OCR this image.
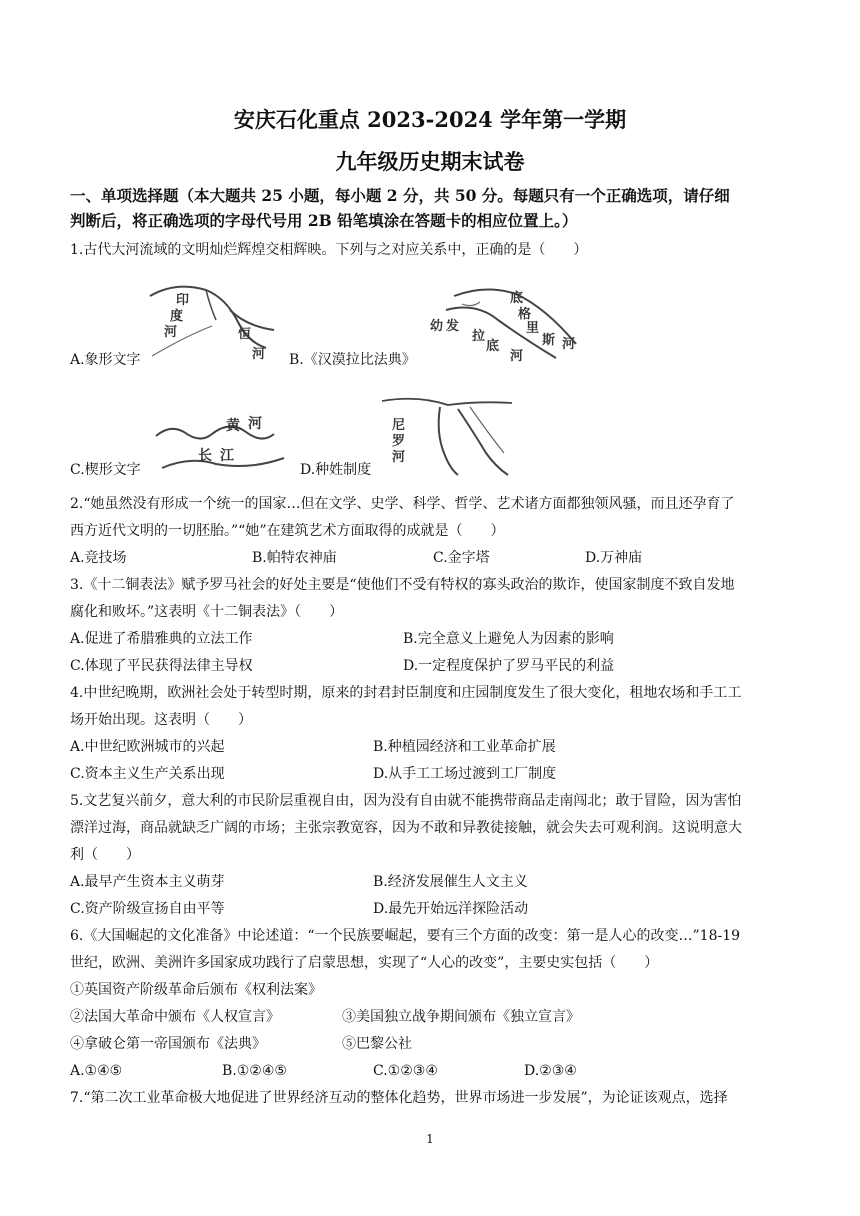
安庆石化重点 2023-2024 学年第一学期
九年级历史期末试卷
一、单项选择题（本大题共 25 小题，每小题 2 分，共 50 分。每题只有一个正确选项，请仔细
判断后，将正确选项的字母代号用 2B 铅笔填涂在答题卡的相应位置上。）
1.古代大河流域的文明灿烂辉煌交相辉映。下列与之对应关系中，正确的是（　　）
印
度
河	恒
河
底
格
里
斯 河
幼 发
拉
底
河
A.象形文字	B.《汉漠拉比法典》
黄 河
长 江
尼
罗
河
C.楔形文字	D.种姓制度
2.“她虽然没有形成一个统一的国家…但在文学、史学、科学、哲学、艺术诸方面都独领风骚，而且还孕育了
西方近代文明的一切胚胎。”“她”在建筑艺术方面取得的成就是（　　）
A.竞技场	B.帕特农神庙	C.金字塔	D.万神庙
3.《十二铜表法》赋予罗马社会的好处主要是“使他们不受有特权的寡头政治的欺诈，使国家制度不致自发地
腐化和败坏。”这表明《十二铜表法》（　　）
A.促进了希腊雅典的立法工作	B.完全意义上避免人为因素的影响
C.体现了平民获得法律主导权	D.一定程度保护了罗马平民的利益
4.中世纪晚期，欧洲社会处于转型时期，原来的封君封臣制度和庄园制度发生了很大变化，租地农场和手工工
场开始出现。这表明（　　）
A.中世纪欧洲城市的兴起	B.种植园经济和工业革命扩展
C.资本主义生产关系出现	D.从手工工场过渡到工厂制度
5.文艺复兴前夕，意大利的市民阶层重视自由，因为没有自由就不能携带商品走南闯北；敢于冒险，因为害怕
漂洋过海，商品就缺乏广阔的市场；主张宗教宽容，因为不敢和异教徒接触，就会失去可观利润。这说明意大
利（　　）
A.最早产生资本主义萌芽	B.经济发展催生人文主义
C.资产阶级宣扬自由平等	D.最先开始远洋探险活动
6.《大国崛起的文化准备》中论述道：“一个民族要崛起，要有三个方面的改变：第一是人心的改变…”18-19
世纪，欧洲、美洲许多国家成功践行了启蒙思想，实现了“人心的改变”，主要史实包括（　　）
①英国资产阶级革命后颁布《权利法案》
②法国大革命中颁布《人权宣言》	③美国独立战争期间颁布《独立宣言》
④拿破仑第一帝国颁布《法典》	⑤巴黎公社
A.①④⑤	B.①②④⑤	C.①②③④	D.②③④
7.“第二次工业革命极大地促进了世界经济互动的整体化趋势，世界市场进一步发展”，为论证该观点，选择
1
